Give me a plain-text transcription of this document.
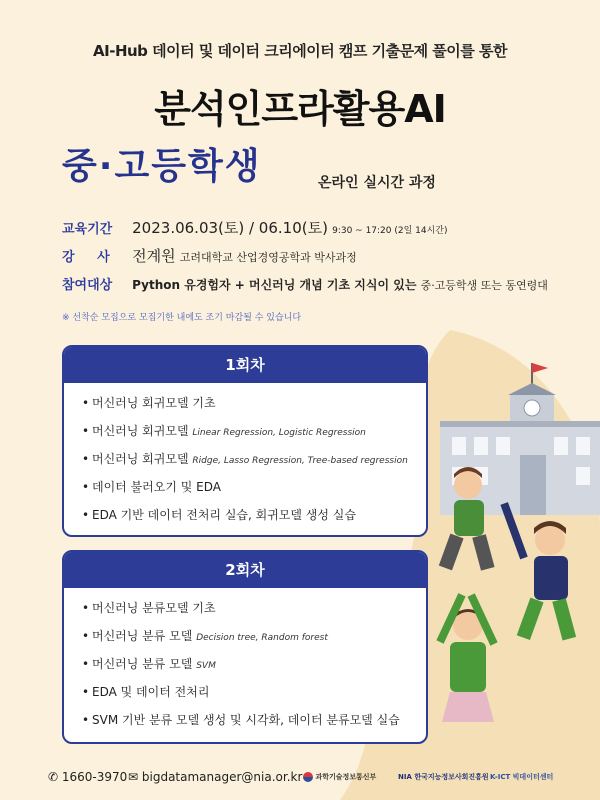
AI-Hub 데이터 및 데이터 크리에이터 캠프 기출문제 풀이를 통한
분석인프라활용AI
중·고등학생	온라인 실시간 과정
교육기간 2023.06.03(토) / 06.10(토) 9:30 ~ 17:20 (2일 14시간)
강     사 전계원 고려대학교 산업경영공학과 박사과정
참여대상 Python 유경험자 + 머신러닝 개념 기초 지식이 있는 중·고등학생 또는 동연령대
※ 선착순 모집으로 모집기한 내에도 조기 마감될 수 있습니다
1회차
• 머신러닝 회귀모델 기초
• 머신러닝 회귀모델 Linear Regression, Logistic Regression
• 머신러닝 회귀모델 Ridge, Lasso Regression, Tree-based regression
• 데이터 불러오기 및 EDA
• EDA 기반 데이터 전처리 실습, 회귀모델 생성 실습
2회차
• 머신러닝 분류모델 기초
• 머신러닝 분류 모델 Decision tree, Random forest
• 머신러닝 분류 모델 SVM
• EDA 및 데이터 전처리
• SVM 기반 분류 모델 생성 및 시각화, 데이터 분류모델 실습
✆ 1660-3970 ✉ bigdatamanager@nia.or.kr	과학기술정보통신부	NIA 한국지능정보사회진흥원 K-ICT 빅데이터센터
